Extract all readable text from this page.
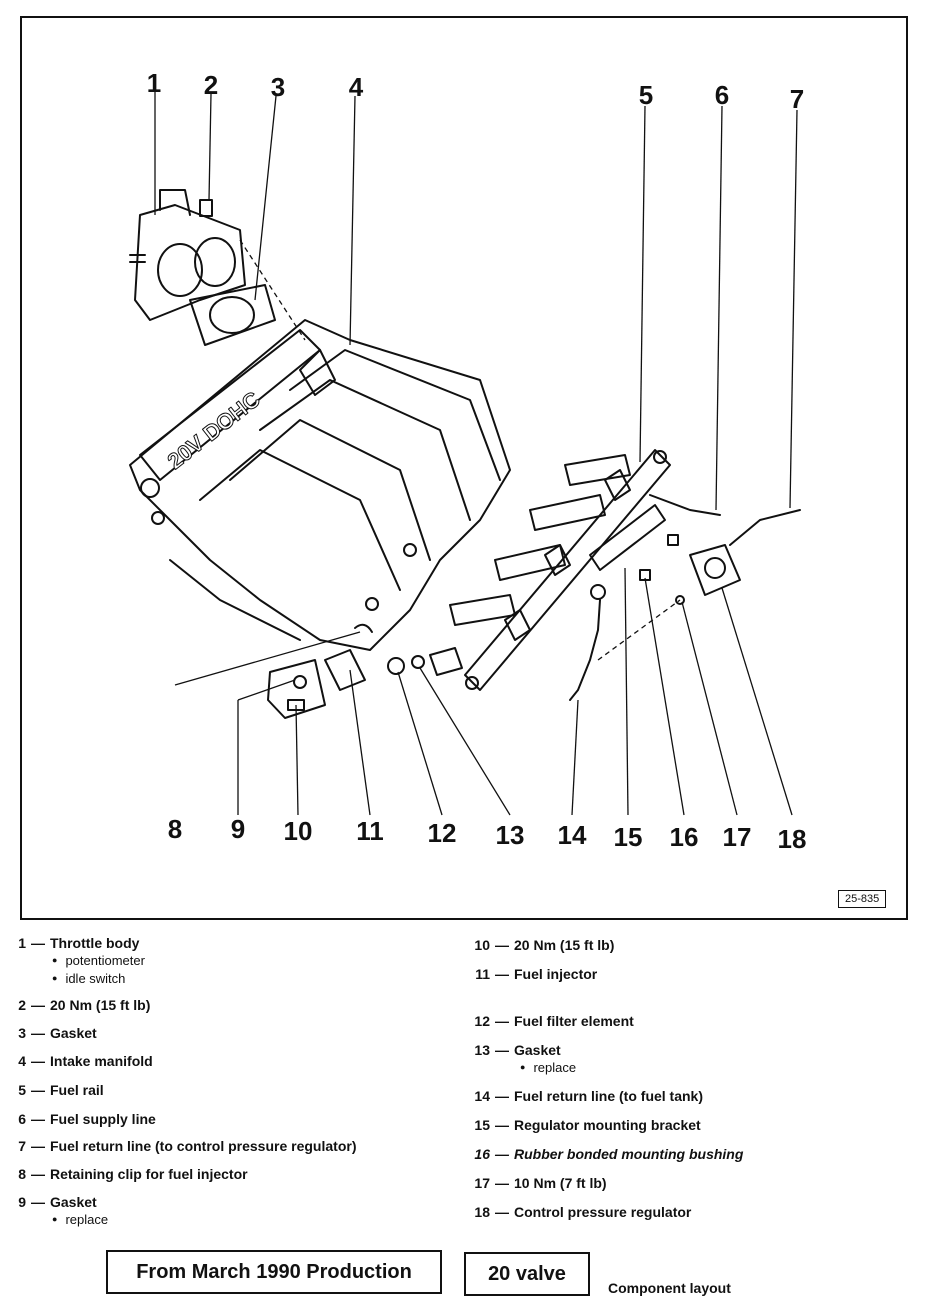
20V DOHC
1 2 3 4	5 6 7
8 9 10 11 12 13 14 15 16 17 18
25-835
1 — Throttle body
● potentiometer
● idle switch
2 — 20 Nm (15 ft lb)
3 — Gasket
4 — Intake manifold
5 — Fuel rail
6 — Fuel supply line
7 — Fuel return line (to control pressure regulator)
8 — Retaining clip for fuel injector
9 — Gasket
● replace
10 — 20 Nm (15 ft lb)
11 — Fuel injector
12 — Fuel filter element
13 — Gasket
● replace
14 — Fuel return line (to fuel tank)
15 — Regulator mounting bracket
16 — Rubber bonded mounting bushing
17 — 10 Nm (7 ft lb)
18 — Control pressure regulator
From March 1990 Production	20 valve
Component layout
